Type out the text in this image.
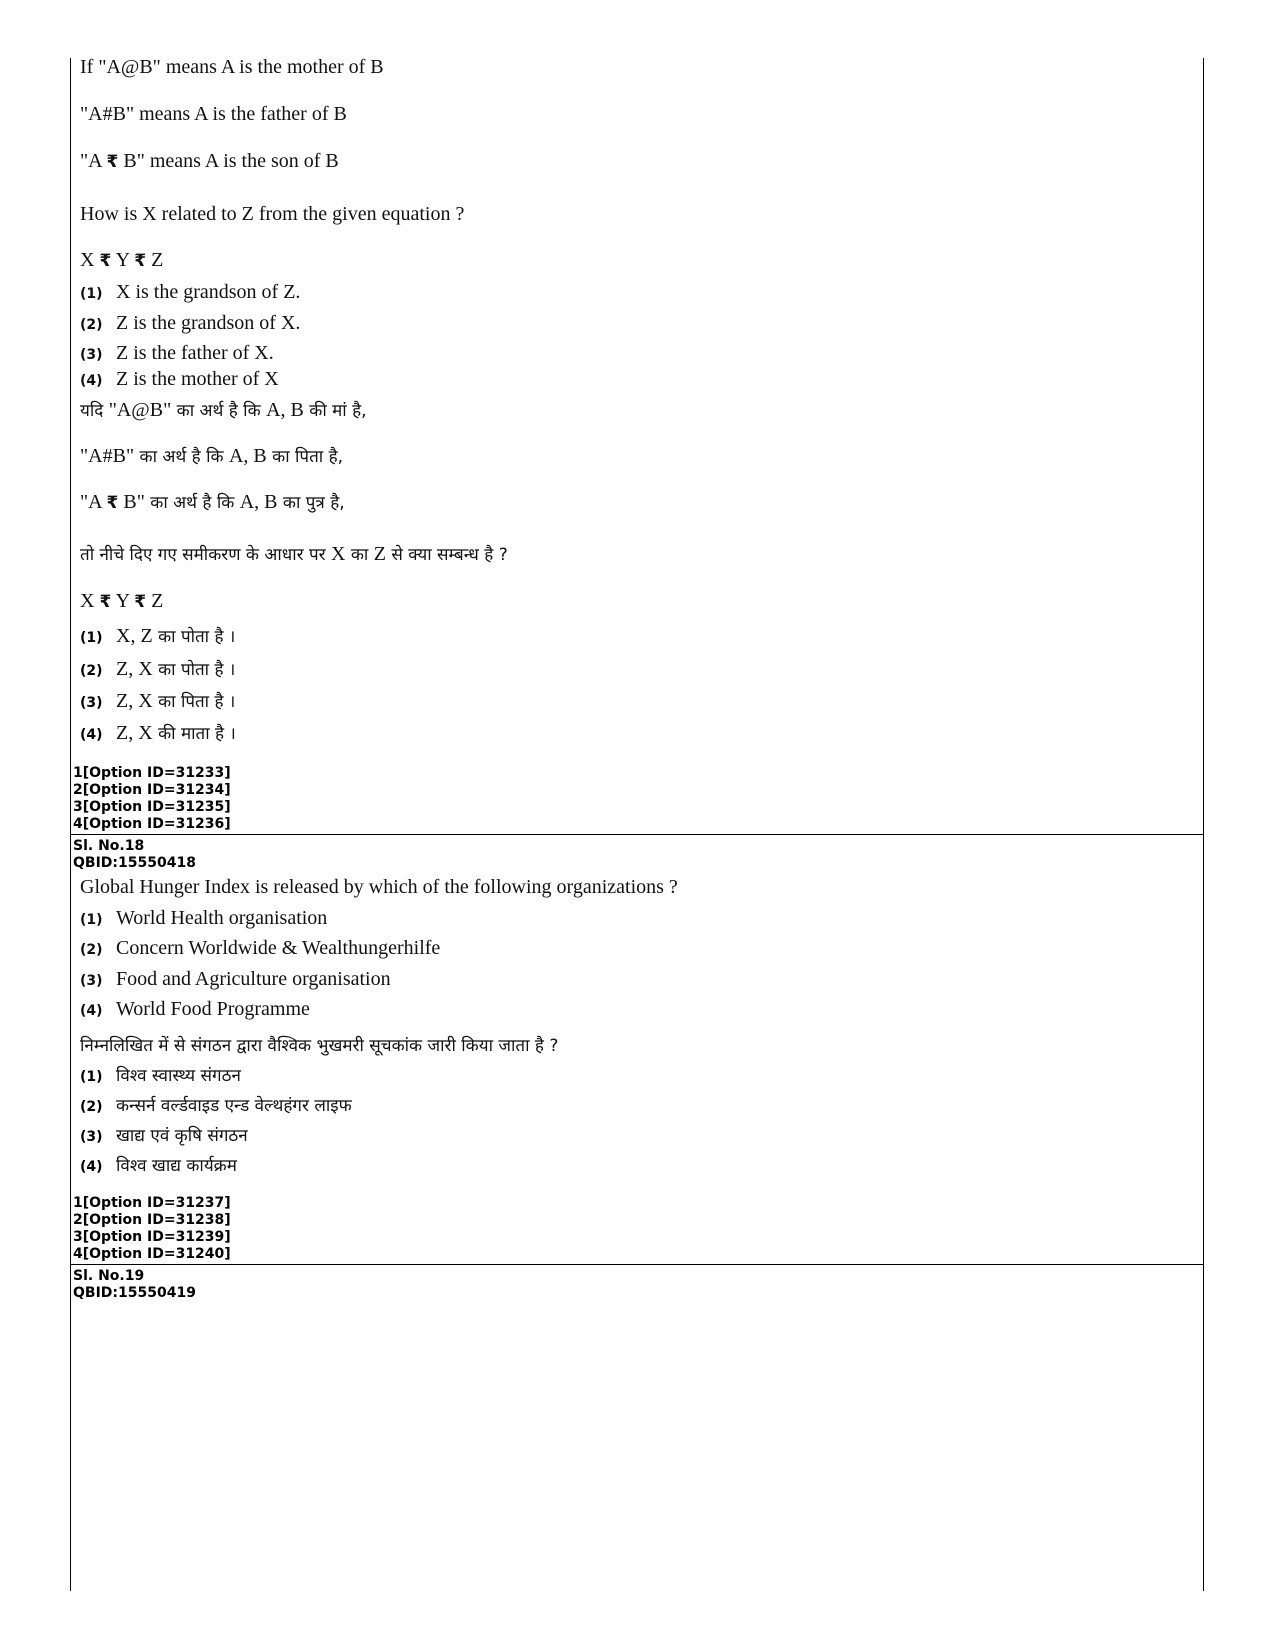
If "A@B" means A is the mother of B
"A#B" means A is the father of B
"A ₹ B" means A is the son of B
How is X related to Z from the given equation ?
X ₹ Y ₹ Z
(1) X is the grandson of Z.
(2) Z is the grandson of X.
(3) Z is the father of X.
(4) Z is the mother of X
यदि "A@B" का अर्थ है कि A, B की मां है,
"A#B" का अर्थ है कि A, B का पिता है,
"A ₹ B" का अर्थ है कि A, B का पुत्र है,
तो नीचे दिए गए समीकरण के आधार पर X का Z से क्या सम्बन्ध है ?
X ₹ Y ₹ Z
(1) X, Z का पोता है ।
(2) Z, X का पोता है ।
(3) Z, X का पिता है ।
(4) Z, X की माता है ।
1[Option ID=31233]
2[Option ID=31234]
3[Option ID=31235]
4[Option ID=31236]
Sl. No.18
QBID:15550418
Global Hunger Index is released by which of the following organizations ?
(1) World Health organisation
(2) Concern Worldwide & Wealthungerhilfe
(3) Food and Agriculture organisation
(4) World Food Programme
निम्नलिखित में से संगठन द्वारा वैश्विक भुखमरी सूचकांक जारी किया जाता है ?
(1) विश्व स्वास्थ्य संगठन
(2) कन्सर्न वर्ल्डवाइड एन्ड वेल्थहंगर लाइफ
(3) खाद्य एवं कृषि संगठन
(4) विश्व खाद्य कार्यक्रम
1[Option ID=31237]
2[Option ID=31238]
3[Option ID=31239]
4[Option ID=31240]
Sl. No.19
QBID:15550419
